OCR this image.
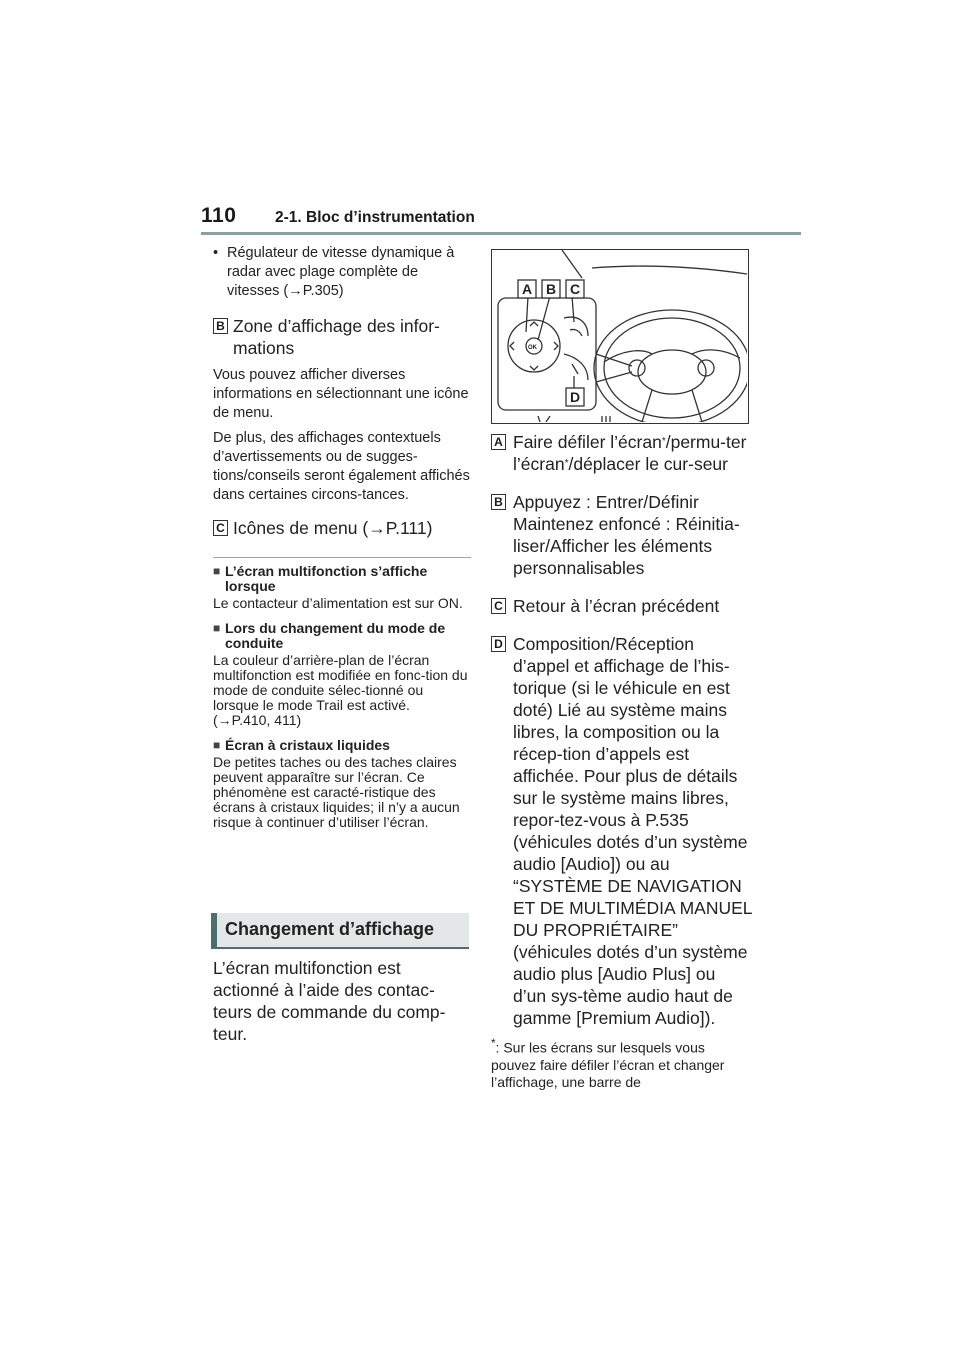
110 2-1. Bloc d’instrumentation
• Régulateur de vitesse dynamique à radar avec plage complète de vitesses (→P.305)
B Zone d’affichage des infor-mations
Vous pouvez afficher diverses informations en sélectionnant une icône de menu.
De plus, des affichages contextuels d’avertissements ou de sugges-tions/conseils seront également affichés dans certaines circons-tances.
C Icônes de menu (→P.111)
■ L’écran multifonction s’affiche lorsque
Le contacteur d’alimentation est sur ON.
■ Lors du changement du mode de conduite
La couleur d’arrière-plan de l’écran multifonction est modifiée en fonc-tion du mode de conduite sélec-tionné ou lorsque le mode Trail est activé. (→P.410, 411)
■ Écran à cristaux liquides
De petites taches ou des taches claires peuvent apparaître sur l’écran. Ce phénomène est caracté-ristique des écrans à cristaux liquides; il n’y a aucun risque à continuer d’utiliser l’écran.
Changement d’affichage
L’écran multifonction est actionné à l’aide des contac-teurs de commande du comp-teur.
A B C
D
OK
A Faire défiler l’écran*/permu-ter l’écran*/déplacer le cur-seur
B Appuyez : Entrer/Définir Maintenez enfoncé : Réinitia-liser/Afficher les éléments personnalisables
C Retour à l’écran précédent
D Composition/Réception d’appel et affichage de l’his-torique (si le véhicule en est doté) Lié au système mains libres, la composition ou la récep-tion d’appels est affichée. Pour plus de détails sur le système mains libres, repor-tez-vous à P.535 (véhicules dotés d’un système audio [Audio]) ou au “SYSTÈME DE NAVIGATION ET DE MULTIMÉDIA MANUEL DU PROPRIÉTAIRE” (véhicules dotés d’un système audio plus [Audio Plus] ou d’un sys-tème audio haut de gamme [Premium Audio]).
*: Sur les écrans sur lesquels vous pouvez faire défiler l’écran et changer l’affichage, une barre de
